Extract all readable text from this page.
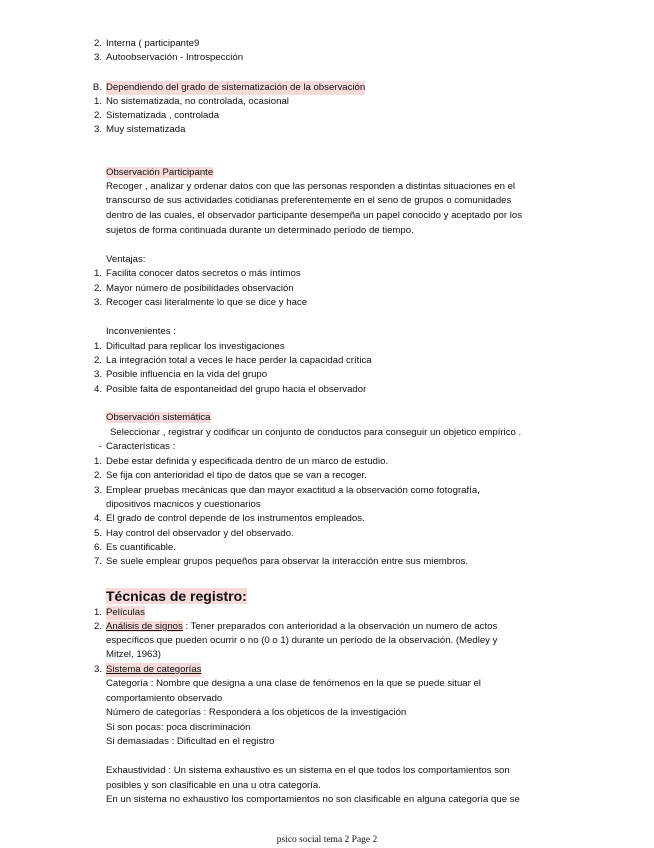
2. Interna ( participante9
3. Autoobservación - Introspección
B. Dependiendo del grado de sistematización de la observación
1. No sistematizada, no controlada, ocasional
2. Sistematizada , controlada
3. Muy sistematizada
Observación Participante
Recoger , analizar y ordenar datos con que las personas responden a distintas situaciones en el
transcurso de sus actividades cotidianas preferentemente en el seno de grupos o comunidades
dentro de las cuales, el observador participante desempeña un papel conocido y aceptado por los
sujetos de forma continuada durante un determinado período de tiempo.
Ventajas:
1. Facilita conocer datos secretos o más íntimos
2. Mayor número de posibilidades observación
3. Recoger casi literalmente lo que se dice y hace
Inconvenientes :
1. Dificultad para replicar los investigaciones
2. La integración total a veces le hace perder la capacidad crítica
3. Posible influencia en la vida del grupo
4. Posible falta de espontaneidad del grupo hacia el observador
Observación sistemática
Seleccionar , registrar y codificar un conjunto de conductos para conseguir un objetico empírico .
- Características :
1. Debe estar definida y especificada dentro de un marco de estudio.
2. Se fija con anterioridad el tipo de datos que se van a recoger.
3. Emplear pruebas mecánicas que dan mayor exactitud a la observación como fotografía,
dipositivos macnicos y cuestionarios
4. El grado de control depende de los instrumentos empleados.
5. Hay control del observador y del observado.
6. Es cuantificable.
7. Se suele emplear grupos pequeños para observar la interacción entre sus miembros.
Técnicas de registro:
1. Películas
2. Análisis de signos : Tener preparados con anterioridad a la observación un numero de actos
específicos que pueden ocurrir o no (0 o 1) durante un período de la observación. (Medley y
Mitzel, 1963)
3. Sistema de categorías
Categoría : Nombre que designa a una clase de fenómenos en la que se puede situar el
comportamiento observado
Número de categorías : Responderá a los objeticos de la investigación
Si son pocas: poca discriminación
Si demasiadas : Dificultad en el registro
Exhaustividad : Un sistema exhaustivo es un sistema en el que todos los comportamientos son
posibles y son clasificable en una u otra categoría.
En un sistema no exhaustivo los comportamientos no son clasificable en alguna categoría que se
psico social tema 2 Page 2
